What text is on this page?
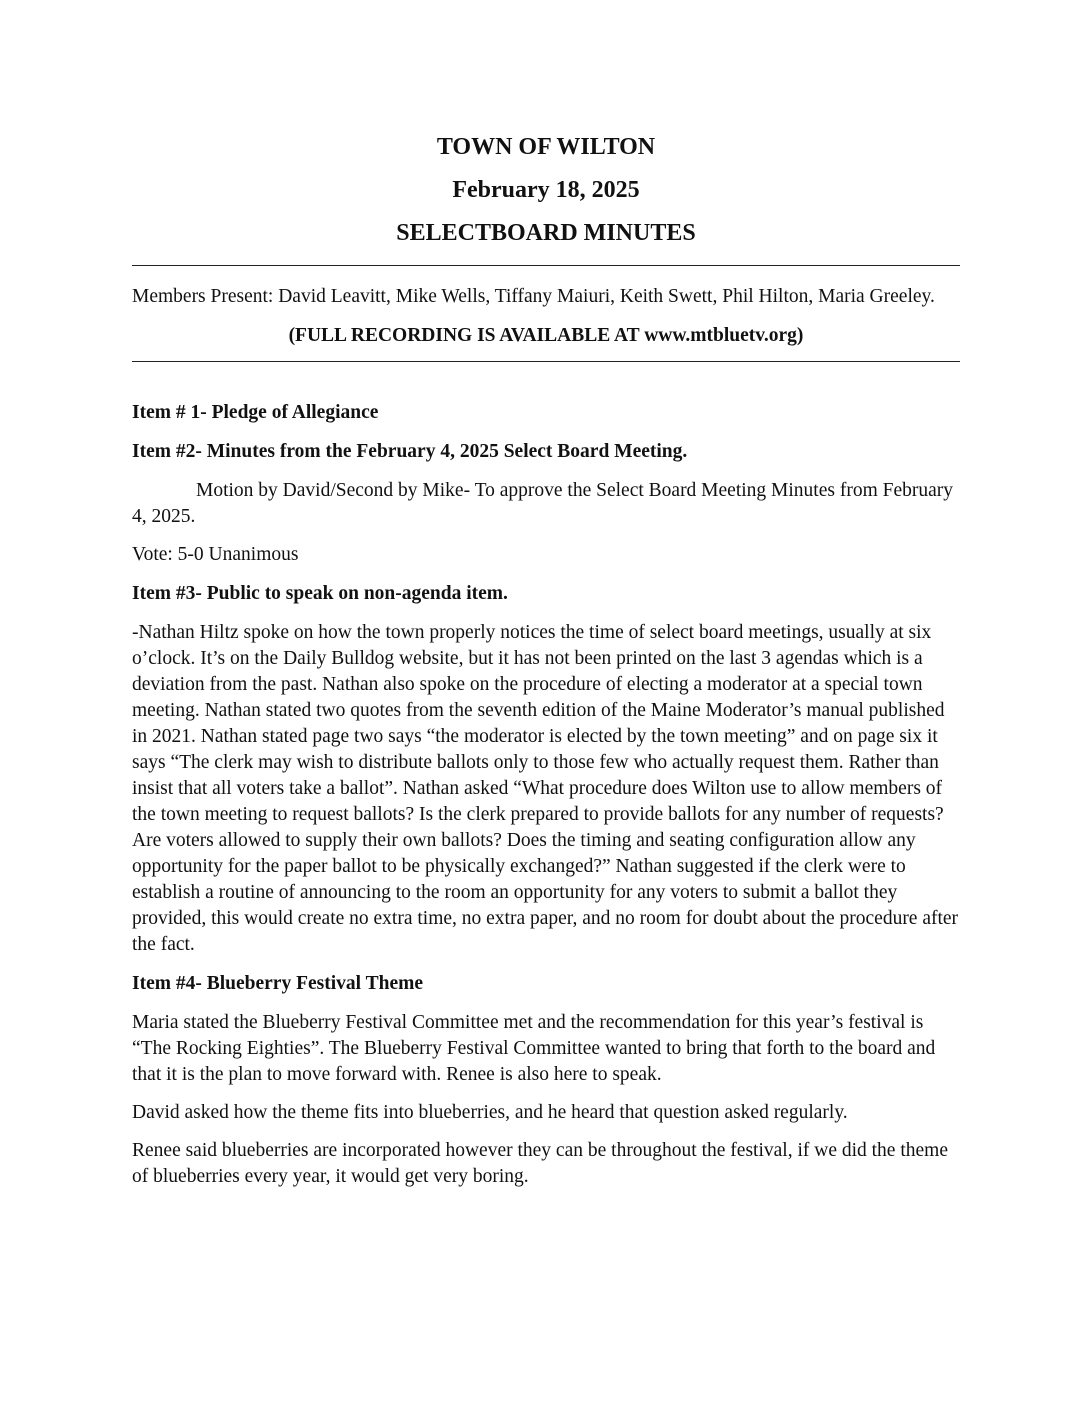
TOWN OF WILTON
February 18, 2025
SELECTBOARD MINUTES

Members Present: David Leavitt, Mike Wells, Tiffany Maiuri, Keith Swett, Phil Hilton, Maria Greeley.

(FULL RECORDING IS AVAILABLE AT www.mtbluetv.org)

Item # 1- Pledge of Allegiance

Item #2- Minutes from the February 4, 2025 Select Board Meeting.

Motion by David/Second by Mike- To approve the Select Board Meeting Minutes from February 4, 2025.

Vote: 5-0 Unanimous

Item #3- Public to speak on non-agenda item.

-Nathan Hiltz spoke on how the town properly notices the time of select board meetings, usually at six o’clock. It’s on the Daily Bulldog website, but it has not been printed on the last 3 agendas which is a deviation from the past. Nathan also spoke on the procedure of electing a moderator at a special town meeting. Nathan stated two quotes from the seventh edition of the Maine Moderator’s manual published in 2021. Nathan stated page two says “the moderator is elected by the town meeting” and on page six it says “The clerk may wish to distribute ballots only to those few who actually request them. Rather than insist that all voters take a ballot”. Nathan asked “What procedure does Wilton use to allow members of the town meeting to request ballots? Is the clerk prepared to provide ballots for any number of requests? Are voters allowed to supply their own ballots? Does the timing and seating configuration allow any opportunity for the paper ballot to be physically exchanged?” Nathan suggested if the clerk were to establish a routine of announcing to the room an opportunity for any voters to submit a ballot they provided, this would create no extra time, no extra paper, and no room for doubt about the procedure after the fact.

Item #4- Blueberry Festival Theme

Maria stated the Blueberry Festival Committee met and the recommendation for this year’s festival is “The Rocking Eighties”. The Blueberry Festival Committee wanted to bring that forth to the board and that it is the plan to move forward with. Renee is also here to speak.

David asked how the theme fits into blueberries, and he heard that question asked regularly.

Renee said blueberries are incorporated however they can be throughout the festival, if we did the theme of blueberries every year, it would get very boring.
